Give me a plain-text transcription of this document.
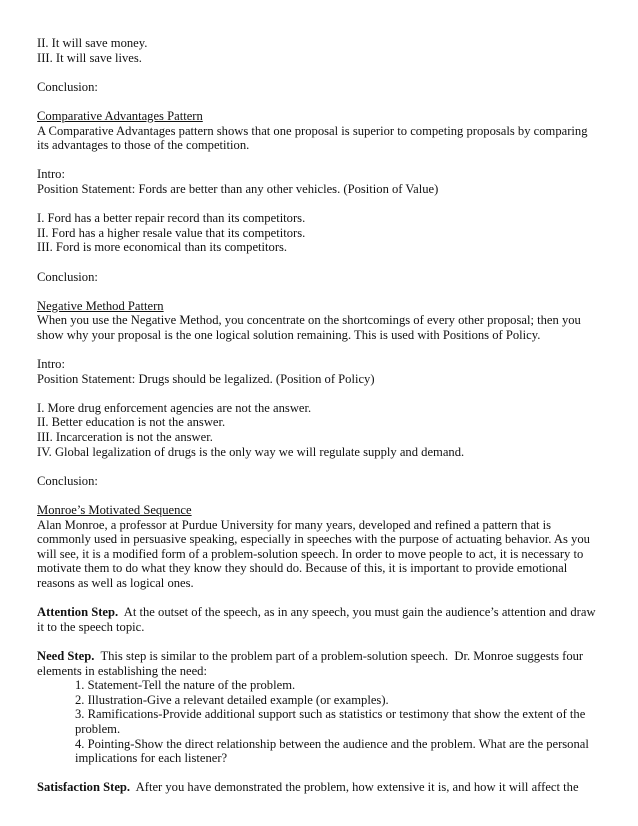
II. It will save money.
III. It will save lives.
Conclusion:
Comparative Advantages Pattern
A Comparative Advantages pattern shows that one proposal is superior to competing proposals by comparing
its advantages to those of the competition.
Intro:
Position Statement: Fords are better than any other vehicles. (Position of Value)
I. Ford has a better repair record than its competitors.
II. Ford has a higher resale value that its competitors.
III. Ford is more economical than its competitors.
Conclusion:
Negative Method Pattern
When you use the Negative Method, you concentrate on the shortcomings of every other proposal; then you
show why your proposal is the one logical solution remaining. This is used with Positions of Policy.
Intro:
Position Statement: Drugs should be legalized. (Position of Policy)
I. More drug enforcement agencies are not the answer.
II. Better education is not the answer.
III. Incarceration is not the answer.
IV. Global legalization of drugs is the only way we will regulate supply and demand.
Conclusion:
Monroe’s Motivated Sequence
Alan Monroe, a professor at Purdue University for many years, developed and refined a pattern that is
commonly used in persuasive speaking, especially in speeches with the purpose of actuating behavior. As you
will see, it is a modified form of a problem-solution speech. In order to move people to act, it is necessary to
motivate them to do what they know they should do. Because of this, it is important to provide emotional
reasons as well as logical ones.
Attention Step.  At the outset of the speech, as in any speech, you must gain the audience’s attention and draw
it to the speech topic.
Need Step.  This step is similar to the problem part of a problem-solution speech.  Dr. Monroe suggests four
elements in establishing the need:
1. Statement-Tell the nature of the problem.
2. Illustration-Give a relevant detailed example (or examples).
3. Ramifications-Provide additional support such as statistics or testimony that show the extent of the
problem.
4. Pointing-Show the direct relationship between the audience and the problem. What are the personal
implications for each listener?
Satisfaction Step.  After you have demonstrated the problem, how extensive it is, and how it will affect the
